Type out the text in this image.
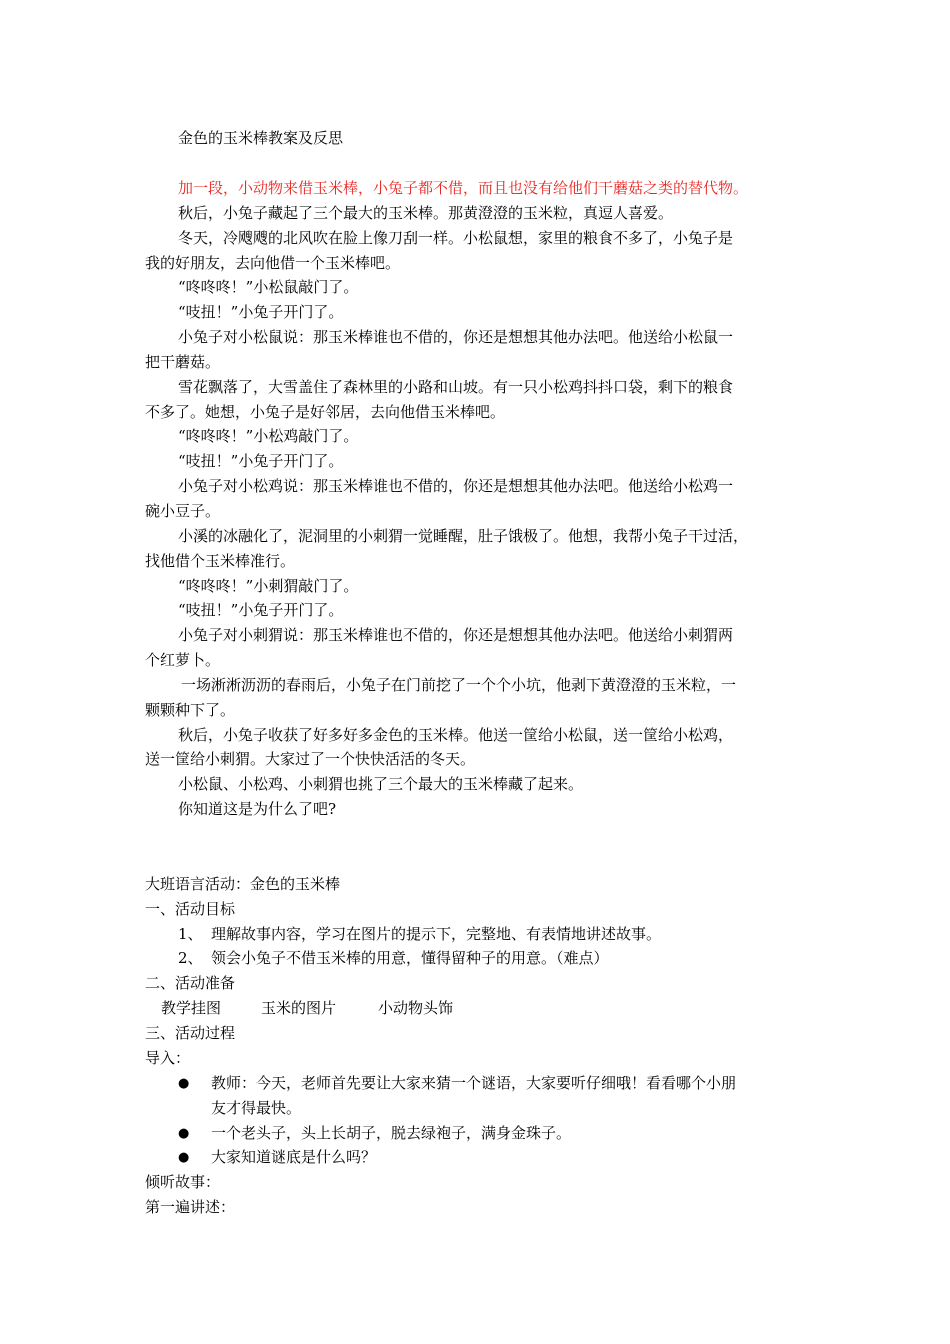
金色的玉米棒教案及反思
加一段，小动物来借玉米棒，小兔子都不借，而且也没有给他们干蘑菇之类的替代物。
秋后，小兔子藏起了三个最大的玉米棒。那黄澄澄的玉米粒，真逗人喜爱。
冬天，冷飕飕的北风吹在脸上像刀刮一样。小松鼠想，家里的粮食不多了，小兔子是
我的好朋友，去向他借一个玉米棒吧。
“咚咚咚！”小松鼠敲门了。
“吱扭！”小兔子开门了。
小兔子对小松鼠说：那玉米棒谁也不借的，你还是想想其他办法吧。他送给小松鼠一
把干蘑菇。
雪花飘落了，大雪盖住了森林里的小路和山坡。有一只小松鸡抖抖口袋，剩下的粮食
不多了。她想，小兔子是好邻居，去向他借玉米棒吧。
“咚咚咚！”小松鸡敲门了。
“吱扭！”小兔子开门了。
小兔子对小松鸡说：那玉米棒谁也不借的，你还是想想其他办法吧。他送给小松鸡一
碗小豆子。
小溪的冰融化了，泥洞里的小刺猬一觉睡醒，肚子饿极了。他想，我帮小兔子干过活，
找他借个玉米棒准行。
“咚咚咚！”小刺猬敲门了。
“吱扭！”小兔子开门了。
小兔子对小刺猬说：那玉米棒谁也不借的，你还是想想其他办法吧。他送给小刺猬两
个红萝卜。
一场淅淅沥沥的春雨后，小兔子在门前挖了一个个小坑，他剥下黄澄澄的玉米粒，一
颗颗种下了。
秋后，小兔子收获了好多好多金色的玉米棒。他送一筐给小松鼠，送一筐给小松鸡，
送一筐给小刺猬。大家过了一个快快活活的冬天。
小松鼠、小松鸡、小刺猬也挑了三个最大的玉米棒藏了起来。
你知道这是为什么了吧?
大班语言活动：金色的玉米棒
一、活动目标
1、 理解故事内容，学习在图片的提示下，完整地、有表情地讲述故事。
2、 领会小兔子不借玉米棒的用意，懂得留种子的用意。（难点）
二、活动准备
教学挂图	玉米的图片	小动物头饰
三、活动过程
导入：
● 教师：今天，老师首先要让大家来猜一个谜语，大家要听仔细哦！看看哪个小朋
友才得最快。
● 一个老头子，头上长胡子，脱去绿袍子，满身金珠子。
● 大家知道谜底是什么吗？
倾听故事：
第一遍讲述：
